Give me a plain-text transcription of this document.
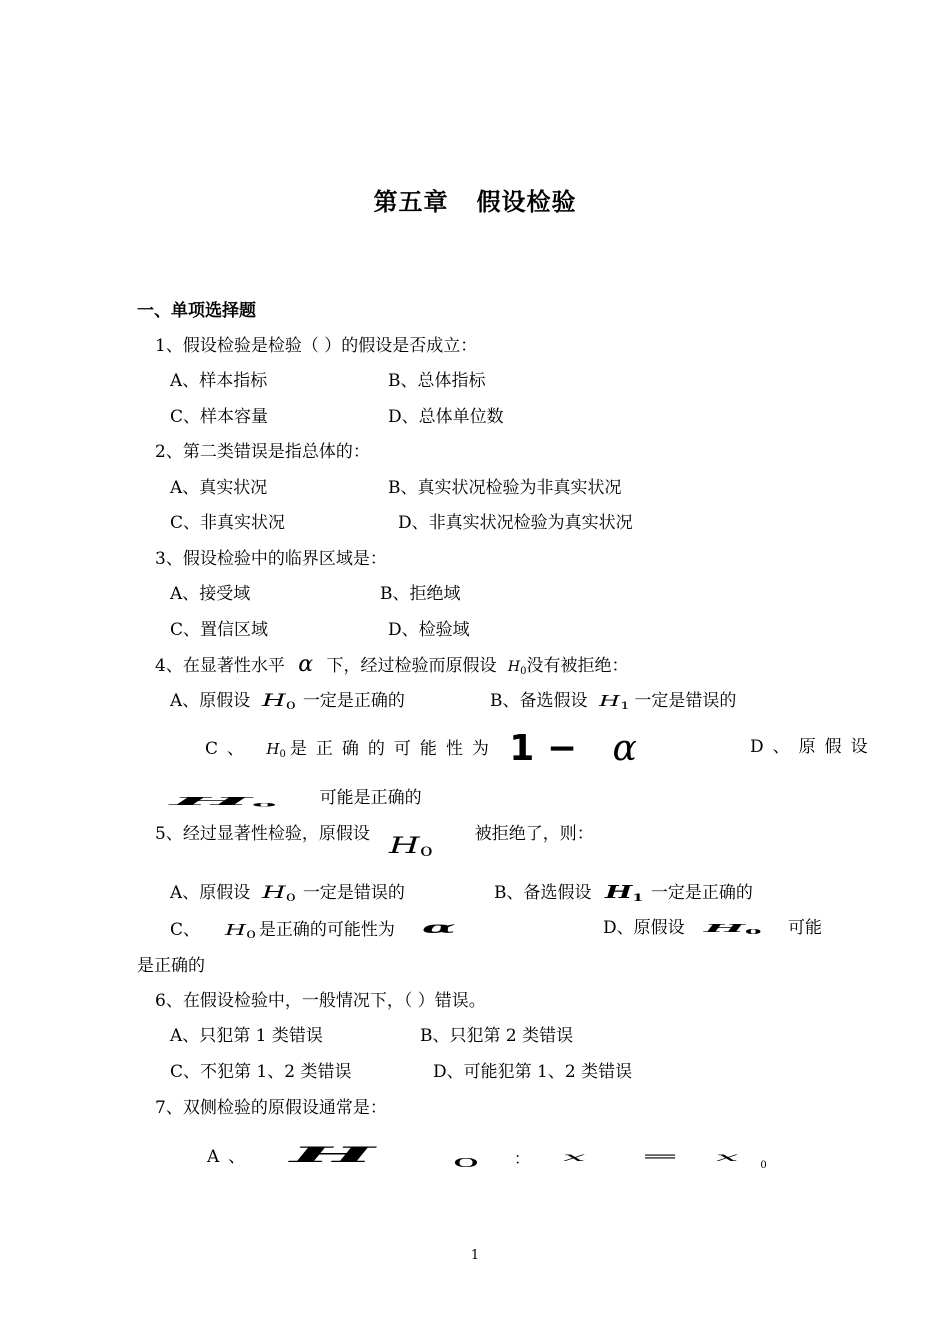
第五章 假设检验
一、单项选择题
1、假设检验是检验（ ）的假设是否成立：
A、样本指标	B、总体指标
C、样本容量	D、总体单位数
2、第二类错误是指总体的：
A、真实状况	B、真实状况检验为非真实状况
C、非真实状况	D、非真实状况检验为真实状况
3、假设检验中的临界区域是：
A、接受域	B、拒绝域
C、置信区域	D、检验域
4、在显著性水平 α 下，经过检验而原假设 $H_0$没有被拒绝：
A、原假设 $H_0$ 一定是正确的	B、备选假设 $H_1$ 一定是错误的
C、 $H_0$ 是正确的可能性为 1 − α	D、原假设
$H_0$	可能是正确的
5、经过显著性检验，原假设 $H_0$被拒绝了，则：
A、原假设 $H_0$ 一定是错误的	B、备选假设 $H_1$ 一定是正确的
C、 $H_0$ 是正确的可能性为 α	D、原假设 $H_0$ 可能
是正确的
6、在假设检验中，一般情况下，（ ）错误。
A、只犯第 1 类错误	B、只犯第 2 类错误
C、不犯第 1、2 类错误	D、可能犯第 1、2 类错误
7、双侧检验的原假设通常是：
A、 H	0 ： x = x $_0$
1
